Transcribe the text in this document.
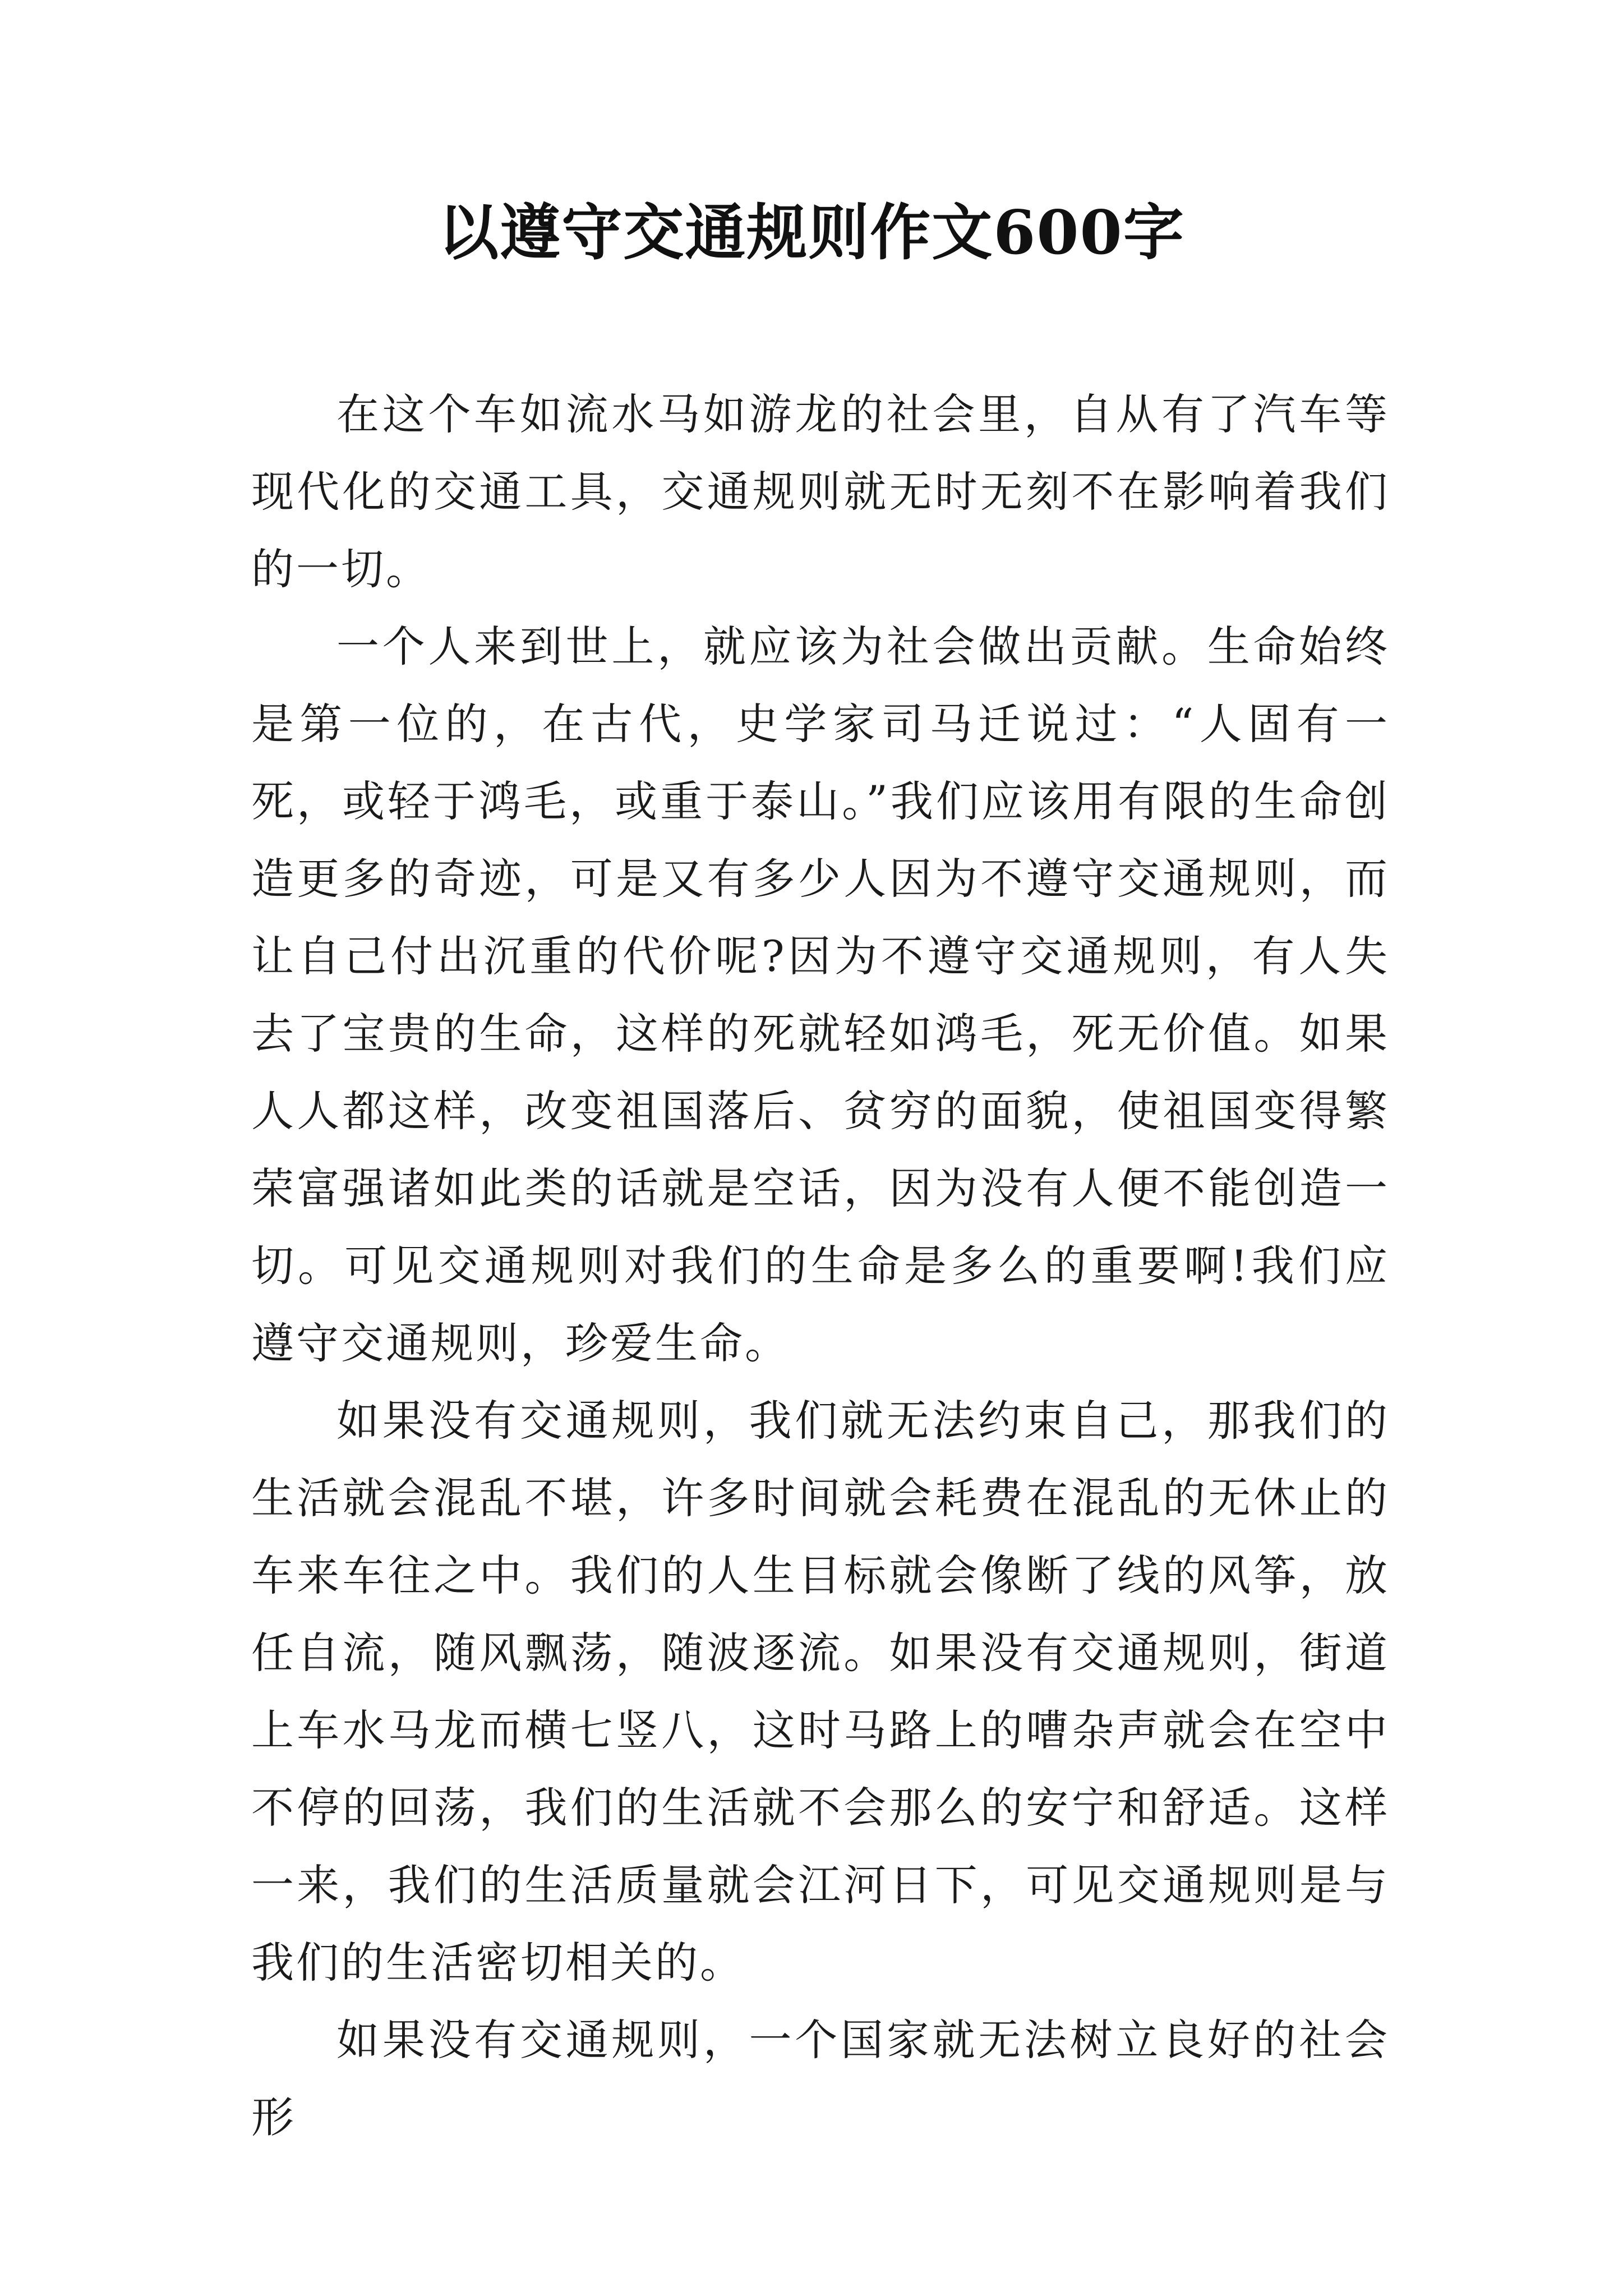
以遵守交通规则作文600字

在这个车如流水马如游龙的社会里，自从有了汽车等现代化的交通工具，交通规则就无时无刻不在影响着我们的一切。

一个人来到世上，就应该为社会做出贡献。生命始终是第一位的，在古代，史学家司马迁说过：“人固有一死，或轻于鸿毛，或重于泰山。”我们应该用有限的生命创造更多的奇迹，可是又有多少人因为不遵守交通规则，而让自己付出沉重的代价呢?因为不遵守交通规则，有人失去了宝贵的生命，这样的死就轻如鸿毛，死无价值。如果人人都这样，改变祖国落后、贫穷的面貌，使祖国变得繁荣富强诸如此类的话就是空话，因为没有人便不能创造一切。可见交通规则对我们的生命是多么的重要啊!我们应遵守交通规则，珍爱生命。

如果没有交通规则，我们就无法约束自己，那我们的生活就会混乱不堪，许多时间就会耗费在混乱的无休止的车来车往之中。我们的人生目标就会像断了线的风筝，放任自流，随风飘荡，随波逐流。如果没有交通规则，街道上车水马龙而横七竖八，这时马路上的嘈杂声就会在空中不停的回荡，我们的生活就不会那么的安宁和舒适。这样一来，我们的生活质量就会江河日下，可见交通规则是与我们的生活密切相关的。

如果没有交通规则，一个国家就无法树立良好的社会形
